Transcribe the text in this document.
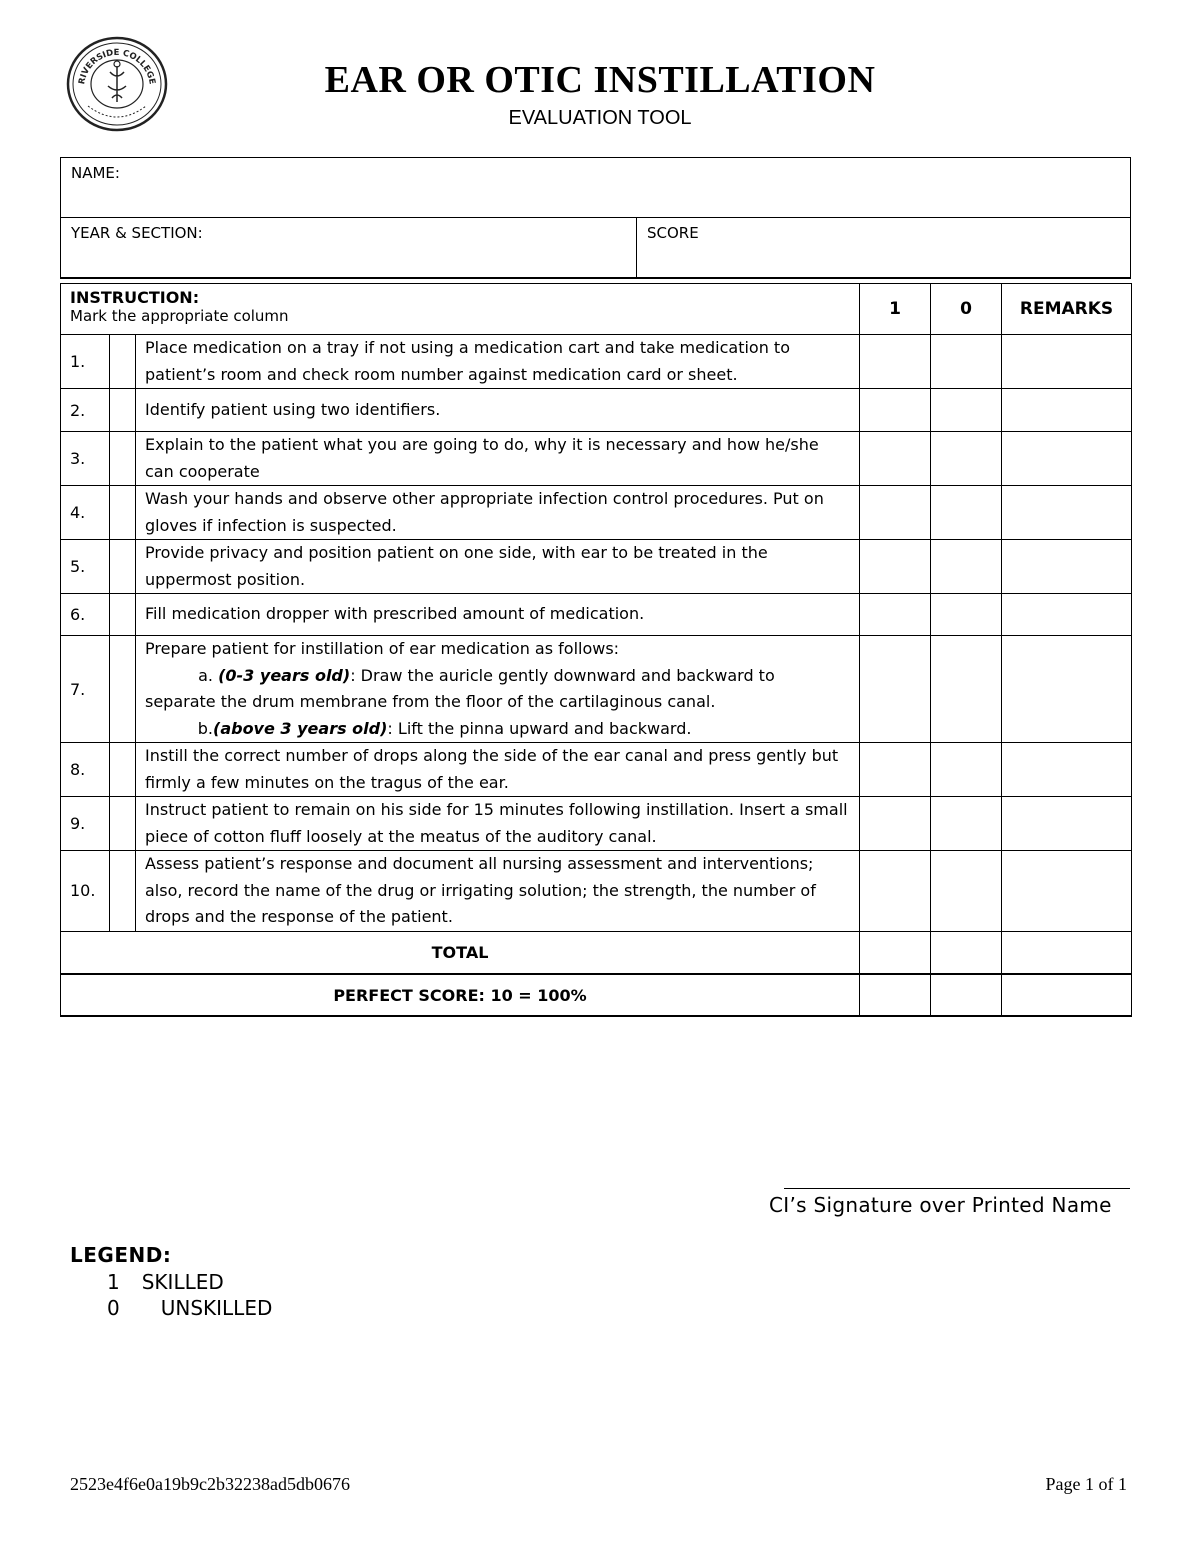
RIVERSIDE COLLEGE	EAR OR OTIC INSTILLATION
EVALUATION TOOL
NAME:
YEAR & SECTION:	SCORE
INSTRUCTION:
Mark the appropriate column			1	0	REMARKS
1.		Place medication on a tray if not using a medication cart and take medication to patient’s room and check room number against medication card or sheet.			
2.		Identify patient using two identifiers.			
3.		Explain to the patient what you are going to do, why it is necessary and how he/she can cooperate			
4.		Wash your hands and observe other appropriate infection control procedures. Put on gloves if infection is suspected.			
5.		Provide privacy and position patient on one side, with ear to be treated in the uppermost position.			
6.		Fill medication dropper with prescribed amount of medication.			
7.		Prepare patient for instillation of ear medication as follows:
a. (0-3 years old): Draw the auricle gently downward and backward to
separate the drum membrane from the floor of the cartilaginous canal.
b.(above 3 years old): Lift the pinna upward and backward.			

8.		Instill the correct number of drops along the side of the ear canal and press gently but firmly a few minutes on the tragus of the ear.			
9.		Instruct patient to remain on his side for 15 minutes following instillation. Insert a small piece of cotton fluff loosely at the meatus of the auditory canal.			
10.		Assess patient’s response and document all nursing assessment and interventions; also, record the name of the drug or irrigating solution; the strength, the number of drops and the response of the patient.			
TOTAL					
PERFECT SCORE: 10 = 100%					
CI’s Signature over Printed Name
LEGEND:
1 SKILLED
0 UNSKILLED
2523e4f6e0a19b9c2b32238ad5db0676	Page 1 of 1
